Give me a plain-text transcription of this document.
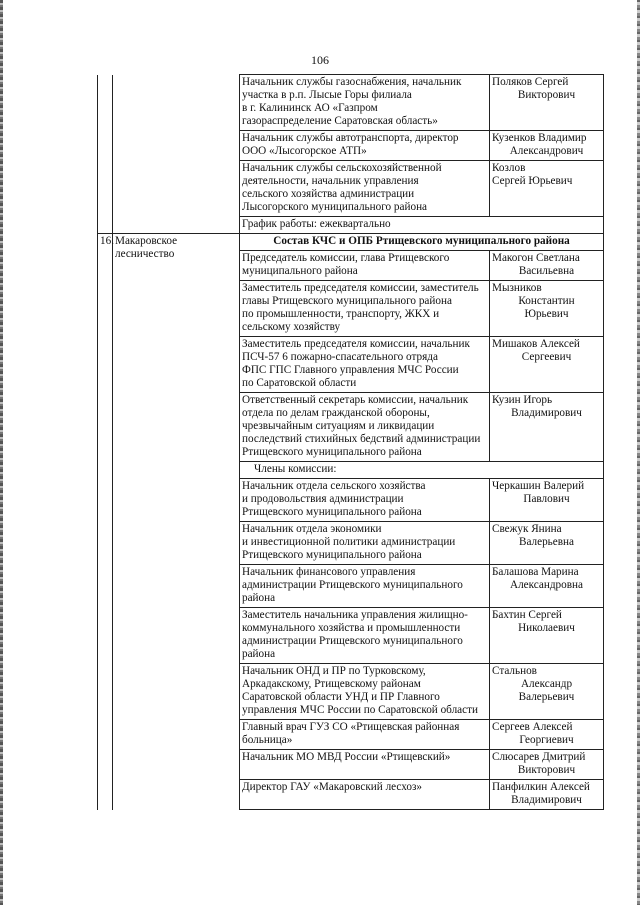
106

		Начальник службы газоснабжения, начальник
участка в р.п. Лысые Горы филиала
в г. Калининск АО «Газпром
газораспределение Саратовская область»	Поляков Сергей
Викторович

		Начальник службы автотранспорта, директор
ООО «Лысогорское АТП»	Кузенков Владимир
Александрович

		Начальник службы сельскохозяйственной
деятельности, начальник управления
сельского хозяйства администрации
Лысогорского муниципального района	Козлов
Сергей Юрьевич

		График работы: ежеквартально	

16.	Макаровское
лесничество	Состав КЧС и ОПБ Ртищевского муниципального района	

		Председатель комиссии, глава Ртищевского
муниципального района	Макогон Светлана
Васильевна

		Заместитель председателя комиссии, заместитель
главы Ртищевского муниципального района
по промышленности, транспорту, ЖКХ и
сельскому хозяйству	Мызников
Константин
Юрьевич

		Заместитель председателя комиссии, начальник
ПСЧ-57 6 пожарно-спасательного отряда
ФПС ГПС Главного управления МЧС России
по Саратовской области	Мишаков Алексей
Сергеевич

		Ответственный секретарь комиссии, начальник
отдела по делам гражданской обороны,
чрезвычайным ситуациям и ликвидации
последствий стихийных бедствий администрации
Ртищевского муниципального района	Кузин Игорь
Владимирович

		Члены комиссии:	

		Начальник отдела сельского хозяйства
и продовольствия администрации
Ртищевского муниципального района	Черкашин Валерий
Павлович

		Начальник отдела экономики
и инвестиционной политики администрации
Ртищевского муниципального района	Свежук Янина
Валерьевна

		Начальник финансового управления
администрации Ртищевского муниципального
района	Балашова Марина
Александровна

		Заместитель начальника управления жилищно-
коммунального хозяйства и промышленности
администрации Ртищевского муниципального
района	Бахтин Сергей
Николаевич

		Начальник ОНД и ПР по Турковскому,
Аркадакскому, Ртищевскому районам
Саратовской области УНД и ПР Главного
управления МЧС России по Саратовской области	Стальнов
Александр
Валерьевич

		Главный врач ГУЗ СО «Ртищевская районная
больница»	Сергеев Алексей
Георгиевич

		Начальник МО МВД России «Ртищевский»	Слюсарев Дмитрий
Викторович

		Директор ГАУ «Макаровский лесхоз»	Панфилкин Алексей
Владимирович
